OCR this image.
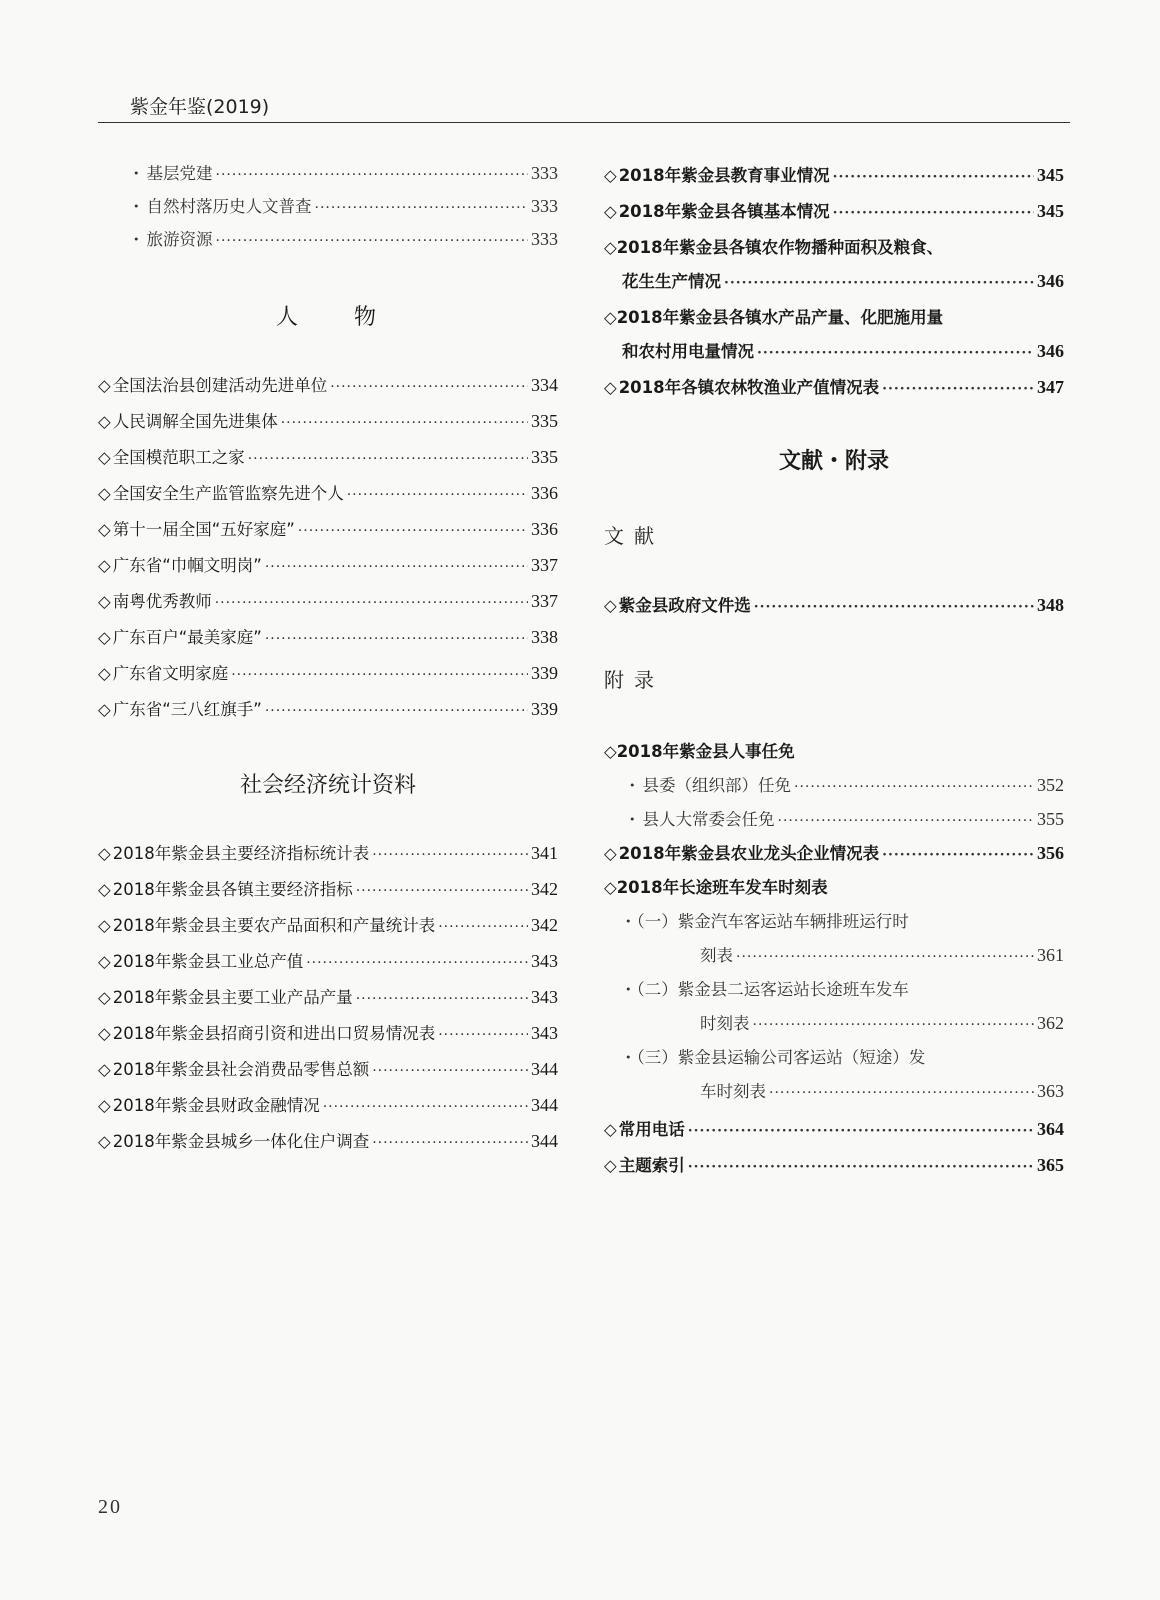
紫金年鉴(2019)
・ 基层党建 ·····	333
・ 自然村落历史人文普查 ·····	333
・ 旅游资源 ·····	333
人　　物
◇ 全国法治县创建活动先进单位 ·····	334
◇ 人民调解全国先进集体 ·····	335
◇ 全国模范职工之家 ·····	335
◇ 全国安全生产监管监察先进个人 ·····	336
◇ 第十一届全国“五好家庭” ·····	336
◇ 广东省“巾帼文明岗” ·····	337
◇ 南粤优秀教师 ·····	337
◇ 广东百户“最美家庭” ·····	338
◇ 广东省文明家庭 ·····	339
◇ 广东省“三八红旗手” ·····	339
社会经济统计资料
◇ 2018年紫金县主要经济指标统计表 ·····	341
◇ 2018年紫金县各镇主要经济指标 ·····	342
◇ 2018年紫金县主要农产品面积和产量统计表 ·····	342
◇ 2018年紫金县工业总产值 ·····	343
◇ 2018年紫金县主要工业产品产量 ·····	343
◇ 2018年紫金县招商引资和进出口贸易情况表 ·····	343
◇ 2018年紫金县社会消费品零售总额 ·····	344
◇ 2018年紫金县财政金融情况 ·····	344
◇ 2018年紫金县城乡一体化住户调查 ·····	344
◇ 2018年紫金县教育事业情况 ·····	345
◇ 2018年紫金县各镇基本情况 ·····	345
◇2018年紫金县各镇农作物播种面积及粮食、
花生生产情况 ·····	346
◇2018年紫金县各镇水产品产量、化肥施用量
和农村用电量情况 ·····	346
◇ 2018年各镇农林牧渔业产值情况表 ·····	347
文献・附录
文献
◇ 紫金县政府文件选 ·····	348
附录
◇2018年紫金县人事任免
・ 县委（组织部）任免 ·····	352
・ 县人大常委会任免 ·····	355
◇ 2018年紫金县农业龙头企业情况表 ·····	356
◇2018年长途班车发车时刻表
・（一）紫金汽车客运站车辆排班运行时
刻表 ·····	361
・（二）紫金县二运客运站长途班车发车
时刻表 ·····	362
・（三）紫金县运输公司客运站（短途）发
车时刻表 ·····	363
◇ 常用电话 ·····	364
◇ 主题索引 ·····	365
20
